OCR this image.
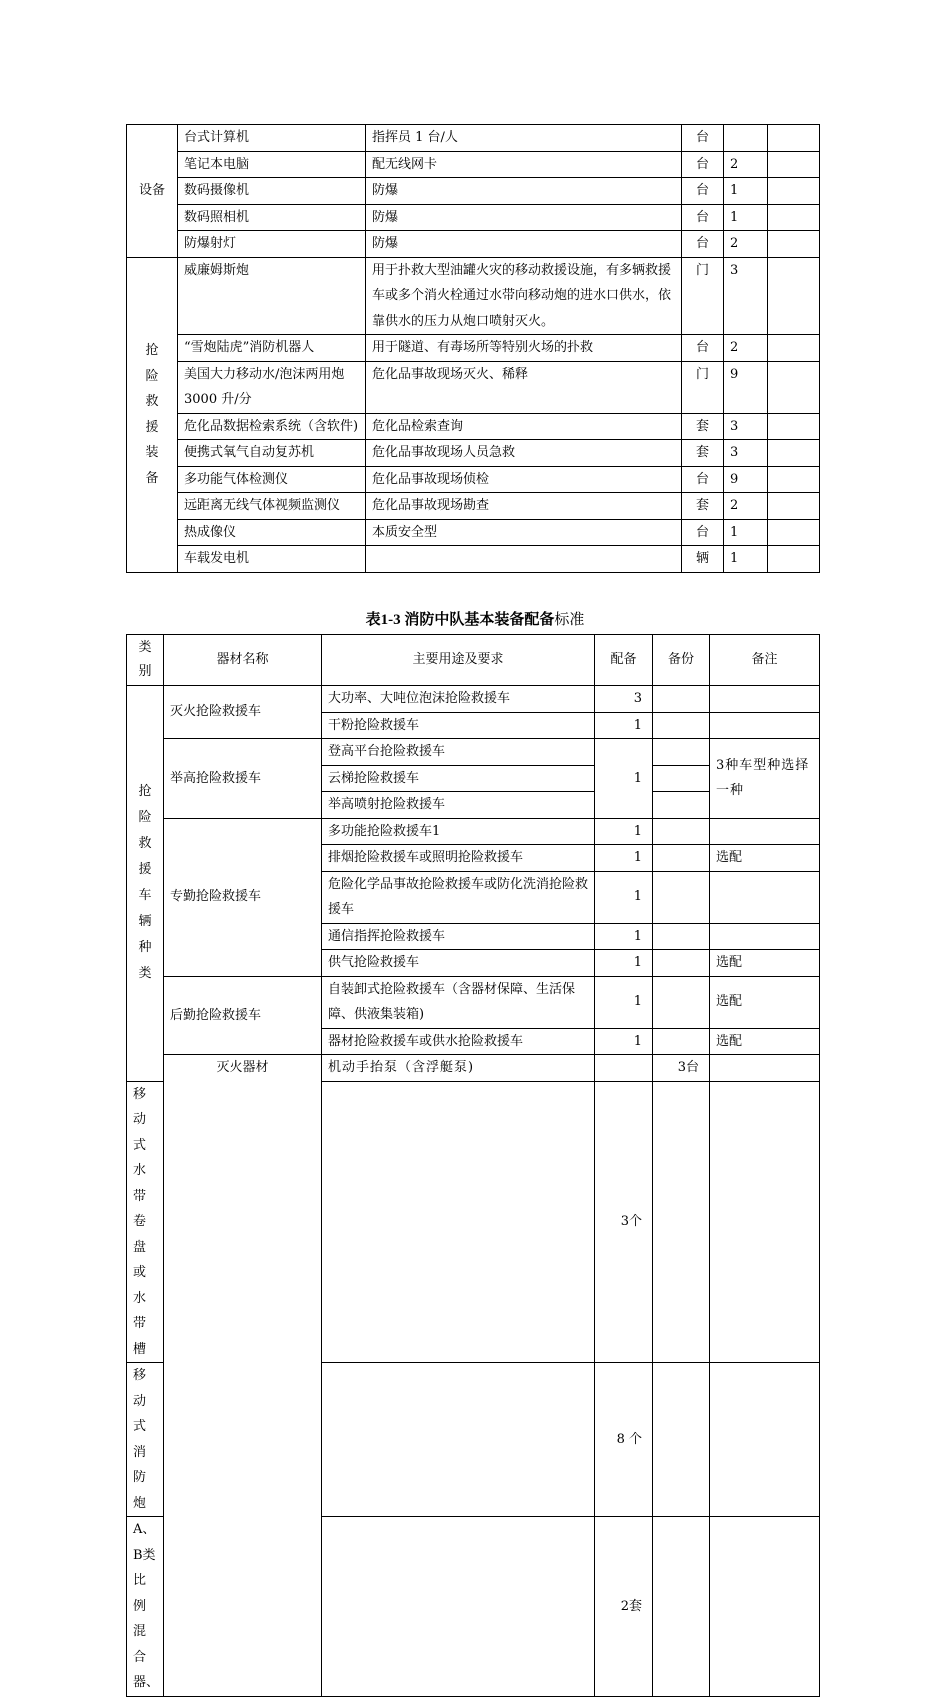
设备	台式计算机	指挥员 1 台/人	台		
	笔记本电脑	配无线网卡	台	2	
	数码摄像机	防爆	台	1	
	数码照相机	防爆	台	1	
	防爆射灯	防爆	台	2	
抢险救援装备	威廉姆斯炮	用于扑救大型油罐火灾的移动救援设施，有多辆救援车或多个消火栓通过水带向移动炮的进水口供水，依靠供水的压力从炮口喷射灭火。	门	3	
	“雪炮陆虎”消防机器人	用于隧道、有毒场所等特别火场的扑救	台	2	
	美国大力移动水/泡沫两用炮3000 升/分	危化品事故现场灭火、稀释	门	9	
	危化品数据检索系统（含软件)	危化品检索查询	套	3	
	便携式氧气自动复苏机	危化品事故现场人员急救	套	3	
	多功能气体检测仪	危化品事故现场侦检	台	9	
	远距离无线气体视频监测仪	危化品事故现场勘查	套	2	
	热成像仪	本质安全型	台	1	
	车载发电机		辆	1	
表1-3 消防中队基本装备配备标准
类别	器材名称	主要用途及要求	配备	备份	备注	
抢险救援车辆种类	灭火抢险救援车	大功率、大吨位泡沫抢险救援车	3			
		干粉抢险救援车	1			
	举高抢险救援车	登高平台抢险救援车	1		3种车型种选择一种	
		云梯抢险救援车				
		举高喷射抢险救援车				
	专勤抢险救援车	多功能抢险救援车1	1			
		排烟抢险救援车或照明抢险救援车	1		选配	
		危险化学品事故抢险救援车或防化洗消抢险救援车	1			
		通信指挥抢险救援车	1			
		供气抢险救援车	1		选配	
	后勤抢险救援车	自装卸式抢险救援车（含器材保障、生活保障、供液集装箱)	1		选配	
		器材抢险救援车或供水抢险救援车	1		选配	
	灭火器材	机动手抬泵（含浮艇泵)		3台		
移动式水带卷盘或水带槽			3个			
移动式消防炮			8 个			
A、B类比例混合器、			2套			
